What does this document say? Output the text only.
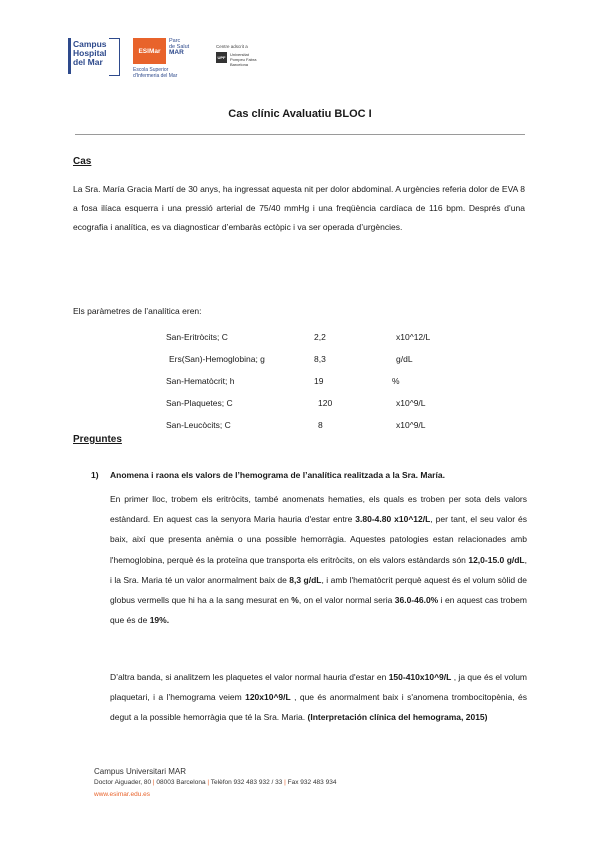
Campus
Hospital
del Mar
ESIMar
Parc
de Salut
MAR
Escola Superior
d'Infermeria del Mar
Centre adscrit a
UPF
Universitat
Pompeu Fabra
Barcelona
Cas clínic Avaluatiu BLOC I
Cas
La Sra. María Gracia Martí de 30 anys, ha ingressat aquesta nit per dolor abdominal. A urgències referia dolor de EVA 8 a fosa ilíaca esquerra i una pressió arterial de 75/40 mmHg i una freqüència cardíaca de 116 bpm. Després d’una ecografia i analítica, es va diagnosticar d’embaràs ectòpic i va ser operada d’urgències.
Els paràmetres de l’analítica eren:
San-Eritròcits; C	2,2	x10^12/L
Ers(San)-Hemoglobina; g	8,3	g/dL
San-Hematòcrit; h	19	%
San-Plaquetes; C	120	x10^9/L
San-Leucòcits; C	8	x10^9/L
Preguntes
1) Anomena i raona els valors de l’hemograma de l’analítica realitzada a la Sra. María.
En primer lloc, trobem els eritròcits, també anomenats hematies, els quals es troben per sota dels valors estàndard. En aquest cas la senyora Maria hauria d'estar entre 3.80-4.80 x10^12/L, per tant, el seu valor és baix, així que presenta anèmia o una possible hemorràgia. Aquestes patologies estan relacionades amb l'hemoglobina, perquè és la proteïna que transporta els eritròcits, on els valors estàndards són 12,0-15.0 g/dL, i la Sra. Maria té un valor anormalment baix de 8,3 g/dL, i amb l'hematòcrit perquè aquest és el volum sòlid de globus vermells que hi ha a la sang mesurat en %, on el valor normal seria 36.0-46.0% i en aquest cas trobem que és de 19%.
D’altra banda, si analitzem les plaquetes el valor normal hauria d'estar en 150-410x10^9/L , ja que és el volum plaquetari, i a l’hemograma veiem 120x10^9/L , que és anormalment baix i s'anomena trombocitopènia, és degut a la possible hemorràgia que té la Sra. Maria. (Interpretación clínica del hemograma, 2015)
Campus Universitari MAR
Doctor Aiguader, 80 | 08003 Barcelona | Telèfon 932 483 932 / 33 | Fax 932 483 934
www.esimar.edu.es
